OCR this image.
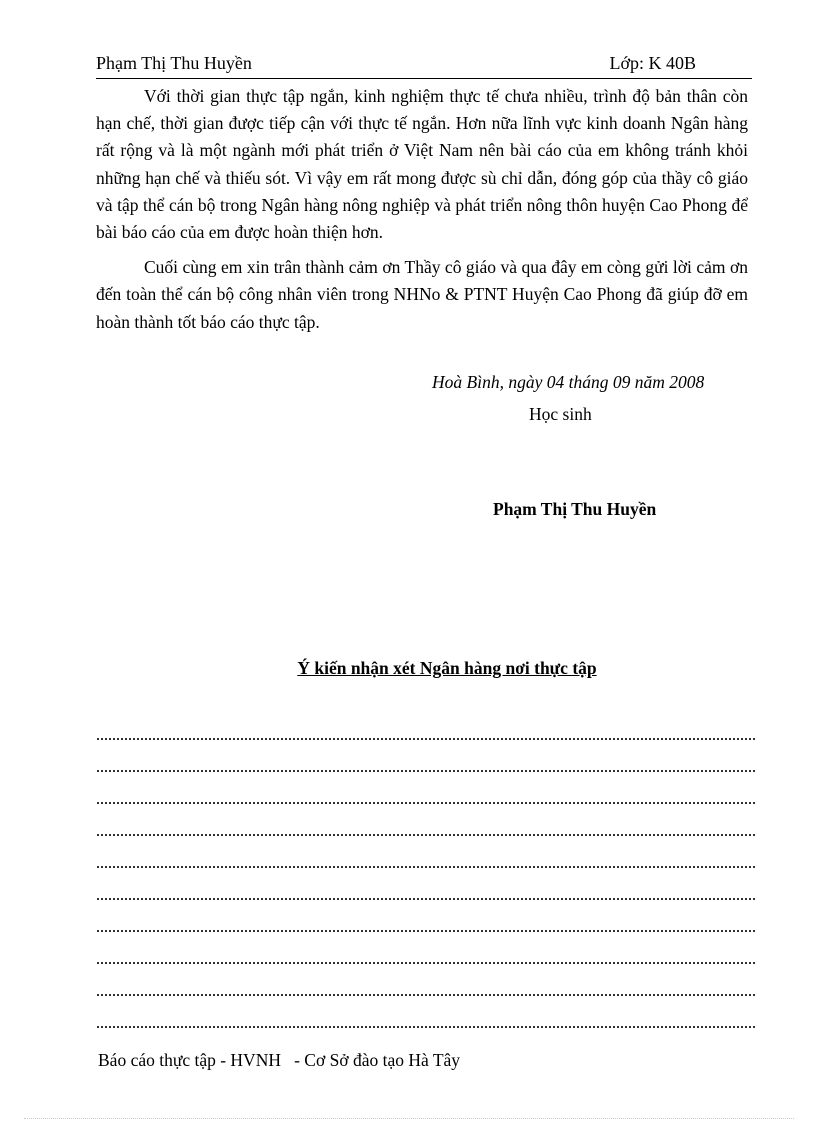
Phạm Thị Thu Huyền	Lớp: K 40B

Với thời gian thực tập ngắn, kinh nghiệm thực tế chưa nhiều, trình độ bản thân còn hạn chế, thời gian được tiếp cận với thực tế ngắn. Hơn nữa lĩnh vực kinh doanh Ngân hàng rất rộng và là một ngành mới phát triển ở Việt Nam nên bài cáo của em không tránh khỏi những hạn chế và thiếu sót. Vì vậy em rất mong được sù chỉ dẫn, đóng góp của thầy cô giáo và tập thể cán bộ trong Ngân hàng nông nghiệp và phát triển nông thôn huyện Cao Phong để bài báo cáo của em được hoàn thiện hơn.

Cuối cùng em xin trân thành cảm ơn Thầy cô giáo và qua đây em còng gửi lời cảm ơn đến toàn thể cán bộ công nhân viên trong NHNo & PTNT Huyện Cao Phong đã giúp đỡ em hoàn thành tốt báo cáo thực tập.

Hoà Bình, ngày 04 tháng 09 năm 2008
Học sinh
Phạm Thị Thu Huyền
Ý kiến nhận xét Ngân hàng nơi thực tập
Báo cáo thực tập - HVNH   - Cơ Sở đào tạo Hà Tây
